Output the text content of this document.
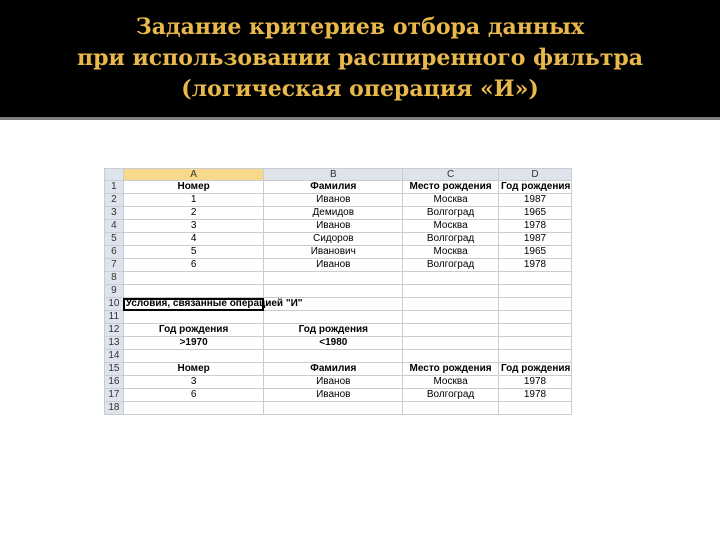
Задание критериев отбора данных
при использовании расширенного фильтра
(логическая операция «И»)
	A	B	C	D
1	Номер	Фамилия	Место рождения	Год рождения
2	1	Иванов	Москва	1987
3	2	Демидов	Волгоград	1965
4	3	Иванов	Москва	1978
5	4	Сидоров	Волгоград	1987
6	5	Иванович	Москва	1965
7	6	Иванов	Волгоград	1978
8				
9				
10	Условия, связанные операцией "И"			
11				
12	Год рождения	Год рождения		
13	>1970	<1980		
14				
15	Номер	Фамилия	Место рождения	Год рождения
16	3	Иванов	Москва	1978
17	6	Иванов	Волгоград	1978
18				
